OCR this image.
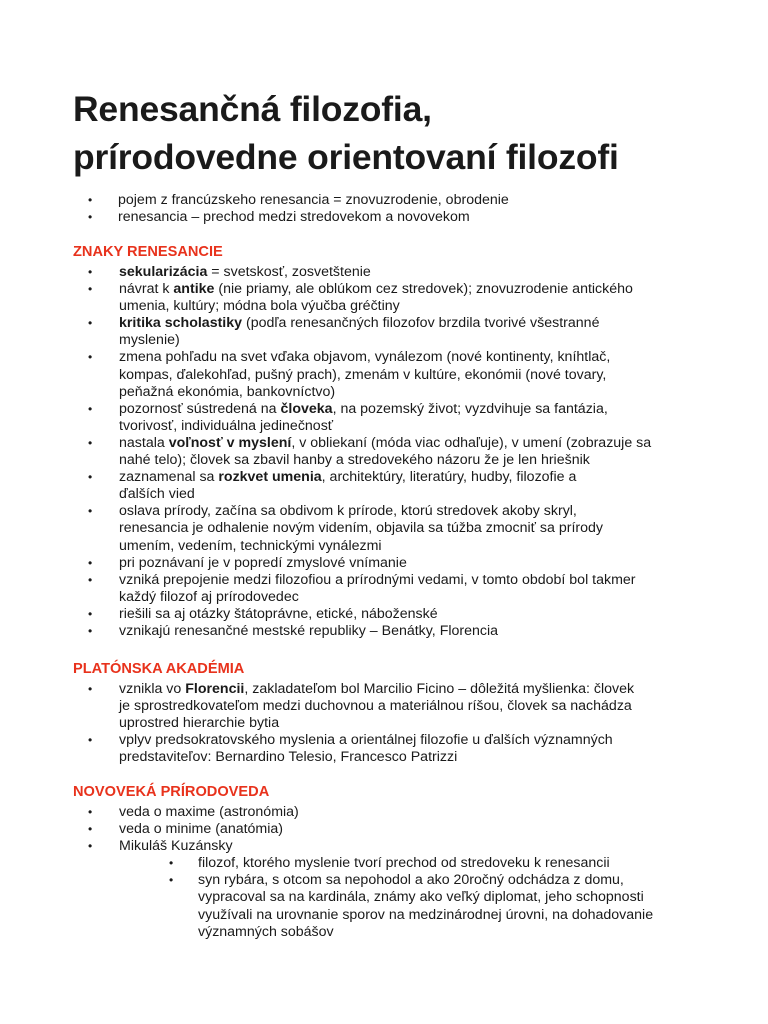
Renesančná filozofia,
prírodovedne orientovaní filozofi
• pojem z francúzskeho renesancia = znovuzrodenie, obrodenie
• renesancia – prechod medzi stredovekom a novovekom
ZNAKY RENESANCIE
• sekularizácia = svetskosť, zosvetštenie
• návrat k antike (nie priamy, ale oblúkom cez stredovek); znovuzrodenie antického
umenia, kultúry; módna bola výučba gréčtiny
• kritika scholastiky (podľa renesančných filozofov brzdila tvorivé všestranné
myslenie)
• zmena pohľadu na svet vďaka objavom, vynálezom (nové kontinenty, kníhtlač,
kompas, ďalekohľad, pušný prach), zmenám v kultúre, ekonómii (nové tovary,
peňažná ekonómia, bankovníctvo)
• pozornosť sústredená na človeka, na pozemský život; vyzdvihuje sa fantázia,
tvorivosť, individuálna jedinečnosť
• nastala voľnosť v myslení, v obliekaní (móda viac odhaľuje), v umení (zobrazuje sa
nahé telo); človek sa zbavil hanby a stredovekého názoru že je len hriešnik
• zaznamenal sa rozkvet umenia, architektúry, literatúry, hudby, filozofie a
ďalších vied
• oslava prírody, začína sa obdivom k prírode, ktorú stredovek akoby skryl,
renesancia je odhalenie novým videním, objavila sa túžba zmocniť sa prírody
umením, vedením, technickými vynálezmi
• pri poznávaní je v popredí zmyslové vnímanie
• vzniká prepojenie medzi filozofiou a prírodnými vedami, v tomto období bol takmer
každý filozof aj prírodovedec
• riešili sa aj otázky štátoprávne, etické, náboženské
• vznikajú renesančné mestské republiky – Benátky, Florencia
PLATÓNSKA AKADÉMIA
• vznikla vo Florencii, zakladateľom bol Marcilio Ficino – dôležitá myšlienka: človek
je sprostredkovateľom medzi duchovnou a materiálnou ríšou, človek sa nachádza
uprostred hierarchie bytia
• vplyv predsokratovského myslenia a orientálnej filozofie u ďalších významných
predstaviteľov: Bernardino Telesio, Francesco Patrizzi
NOVOVEKÁ PRÍRODOVEDA
• veda o maxime (astronómia)
• veda o minime (anatómia)
• Mikuláš Kuzánsky
• filozof, ktorého myslenie tvorí prechod od stredoveku k renesancii
• syn rybára, s otcom sa nepohodol a ako 20ročný odchádza z domu,
vypracoval sa na kardinála, známy ako veľký diplomat, jeho schopnosti
využívali na urovnanie sporov na medzinárodnej úrovni, na dohadovanie
významných sobášov
